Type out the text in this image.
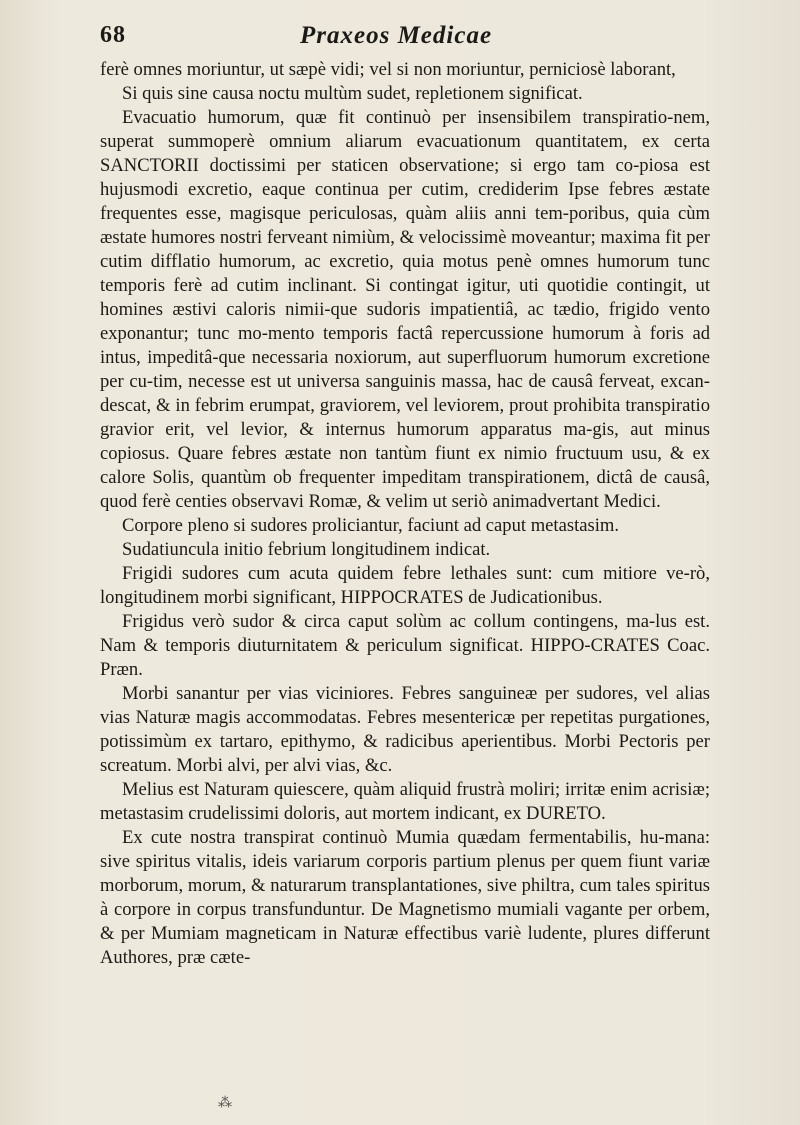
68	Praxeos Medicae

ferè omnes moriuntur, ut sæpè vidi; vel si non moriuntur, perniciosè laborant,

Si quis sine causa noctu multùm sudet, repletionem significat.

Evacuatio humorum, quæ fit continuò per insensibilem transpiratio-nem, superat summoperè omnium aliarum evacuationum quantitatem, ex certa SANCTORII doctissimi per staticen observatione; si ergo tam co-piosa est hujusmodi excretio, eaque continua per cutim, crediderim Ipse febres æstate frequentes esse, magisque periculosas, quàm aliis anni tem-poribus, quia cùm æstate humores nostri ferveant nimiùm, & velocissimè moveantur; maxima fit per cutim difflatio humorum, ac excretio, quia motus penè omnes humorum tunc temporis ferè ad cutim inclinant. Si contingat igitur, uti quotidie contingit, ut homines æstivi caloris nimii-que sudoris impatientiâ, ac tædio, frigido vento exponantur; tunc mo-mento temporis factâ repercussione humorum à foris ad intus, impeditâ-que necessaria noxiorum, aut superfluorum humorum excretione per cu-tim, necesse est ut universa sanguinis massa, hac de causâ ferveat, excan-descat, & in febrim erumpat, graviorem, vel leviorem, prout prohibita transpiratio gravior erit, vel levior, & internus humorum apparatus ma-gis, aut minus copiosus. Quare febres æstate non tantùm fiunt ex nimio fructuum usu, & ex calore Solis, quantùm ob frequenter impeditam transpirationem, dictâ de causâ, quod ferè centies observavi Romæ, & velim ut seriò animadvertant Medici.

Corpore pleno si sudores proliciantur, faciunt ad caput metastasim.

Sudatiuncula initio febrium longitudinem indicat.

Frigidi sudores cum acuta quidem febre lethales sunt: cum mitiore ve-rò, longitudinem morbi significant, HIPPOCRATES de Judicationibus.

Frigidus verò sudor & circa caput solùm ac collum contingens, ma-lus est. Nam & temporis diuturnitatem & periculum significat. HIPPO-CRATES Coac. Præn.

Morbi sanantur per vias viciniores. Febres sanguineæ per sudores, vel alias vias Naturæ magis accommodatas. Febres mesentericæ per repetitas purgationes, potissimùm ex tartaro, epithymo, & radicibus aperientibus. Morbi Pectoris per screatum. Morbi alvi, per alvi vias, &c.

Melius est Naturam quiescere, quàm aliquid frustrà moliri; irritæ enim acrisiæ; metastasim crudelissimi doloris, aut mortem indicant, ex DURETO.

Ex cute nostra transpirat continuò Mumia quædam fermentabilis, hu-mana: sive spiritus vitalis, ideis variarum corporis partium plenus per quem fiunt variæ morborum, morum, & naturarum transplantationes, sive philtra, cum tales spiritus à corpore in corpus transfunduntur. De Magnetismo mumiali vagante per orbem, & per Mumiam magneticam in Naturæ effectibus variè ludente, plures differunt Authores, præ cæte-

⁂
